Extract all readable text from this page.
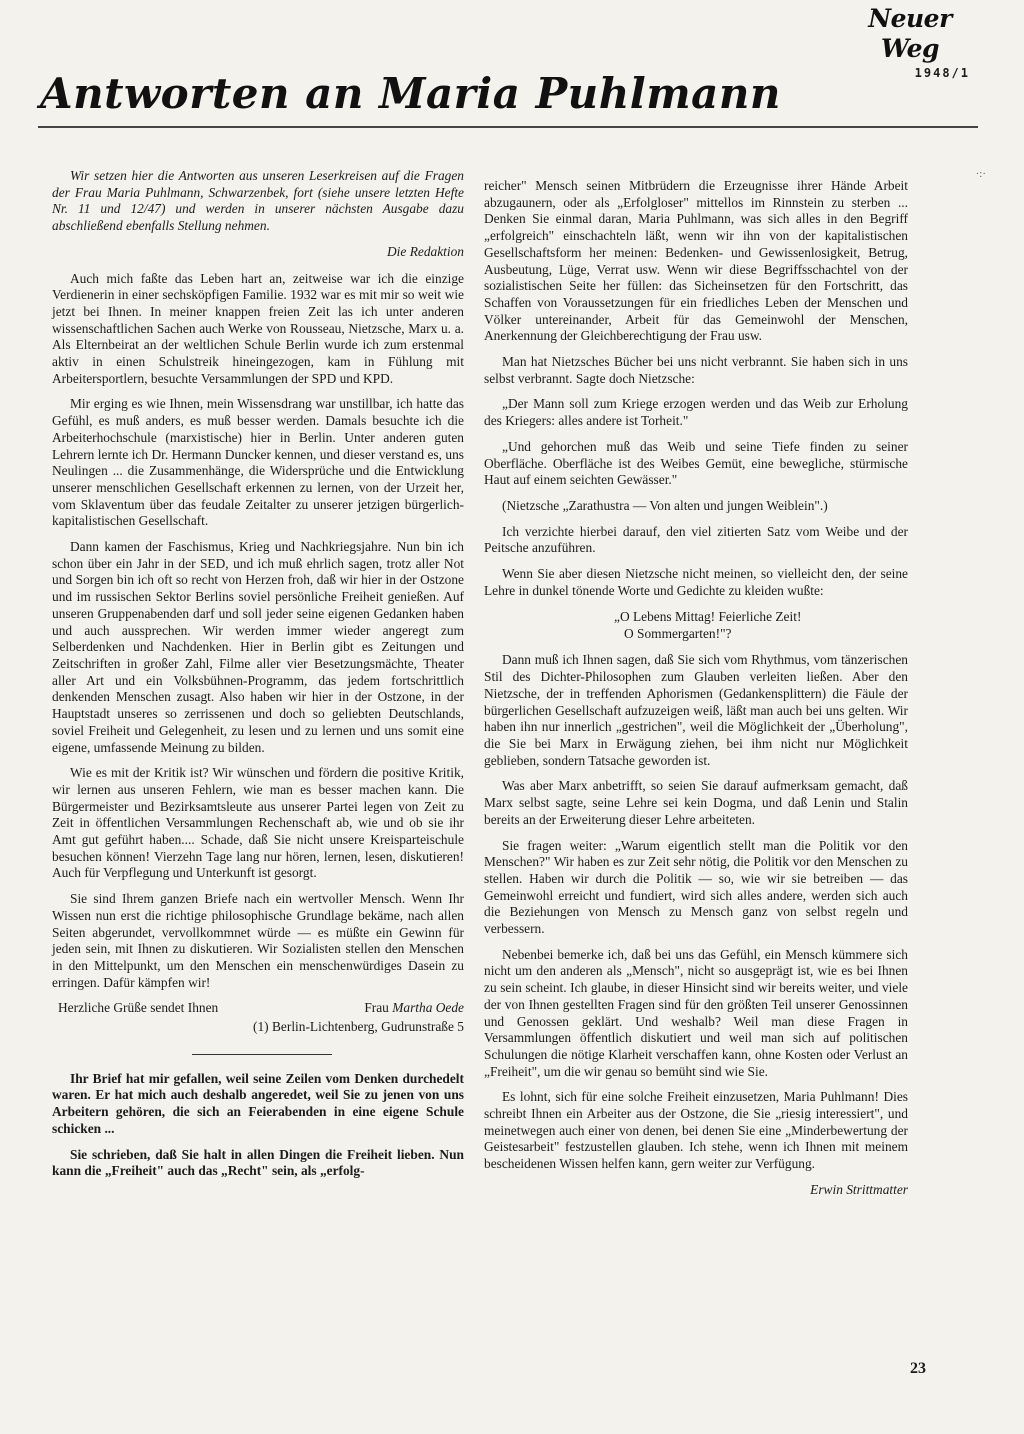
Neuer Weg
1948/1
Antworten an Maria Puhlmann
·:·

Wir setzen hier die Antworten aus unseren Leserkreisen auf die Fragen der Frau Maria Puhlmann, Schwarzenbek, fort (siehe unsere letzten Hefte Nr. 11 und 12/47) und werden in unserer nächsten Ausgabe dazu abschließend ebenfalls Stellung nehmen.

Die Redaktion

Auch mich faßte das Leben hart an, zeitweise war ich die einzige Verdienerin in einer sechsköpfigen Familie. 1932 war es mit mir so weit wie jetzt bei Ihnen. In meiner knappen freien Zeit las ich unter anderen wissenschaftlichen Sachen auch Werke von Rousseau, Nietzsche, Marx u. a. Als Elternbeirat an der weltlichen Schule Berlin wurde ich zum erstenmal aktiv in einen Schulstreik hineingezogen, kam in Fühlung mit Arbeitersportlern, besuchte Versammlungen der SPD und KPD.

Mir erging es wie Ihnen, mein Wissensdrang war unstillbar, ich hatte das Gefühl, es muß anders, es muß besser werden. Damals besuchte ich die Arbeiterhochschule (marxistische) hier in Berlin. Unter anderen guten Lehrern lernte ich Dr. Hermann Duncker kennen, und dieser verstand es, uns Neulingen ... die Zusammenhänge, die Widersprüche und die Entwicklung unserer menschlichen Gesellschaft erkennen zu lernen, von der Urzeit her, vom Sklaventum über das feudale Zeitalter zu unserer jetzigen bürgerlich-kapitalistischen Gesellschaft.

Dann kamen der Faschismus, Krieg und Nachkriegsjahre. Nun bin ich schon über ein Jahr in der SED, und ich muß ehrlich sagen, trotz aller Not und Sorgen bin ich oft so recht von Herzen froh, daß wir hier in der Ostzone und im russischen Sektor Berlins soviel persönliche Freiheit genießen. Auf unseren Gruppenabenden darf und soll jeder seine eigenen Gedanken haben und auch aussprechen. Wir werden immer wieder angeregt zum Selberdenken und Nachdenken. Hier in Berlin gibt es Zeitungen und Zeitschriften in großer Zahl, Filme aller vier Besetzungsmächte, Theater aller Art und ein Volksbühnen-Programm, das jedem fortschrittlich denkenden Menschen zusagt. Also haben wir hier in der Ostzone, in der Hauptstadt unseres so zerrissenen und doch so geliebten Deutschlands, soviel Freiheit und Gelegenheit, zu lesen und zu lernen und uns somit eine eigene, umfassende Meinung zu bilden.

Wie es mit der Kritik ist? Wir wünschen und fördern die positive Kritik, wir lernen aus unseren Fehlern, wie man es besser machen kann. Die Bürgermeister und Bezirksamtsleute aus unserer Partei legen von Zeit zu Zeit in öffentlichen Versammlungen Rechenschaft ab, wie und ob sie ihr Amt gut geführt haben.... Schade, daß Sie nicht unsere Kreisparteischule besuchen können! Vierzehn Tage lang nur hören, lernen, lesen, diskutieren! Auch für Verpflegung und Unterkunft ist gesorgt.

Sie sind Ihrem ganzen Briefe nach ein wertvoller Mensch. Wenn Ihr Wissen nun erst die richtige philosophische Grundlage bekäme, nach allen Seiten abgerundet, vervollkommnet würde — es müßte ein Gewinn für jeden sein, mit Ihnen zu diskutieren. Wir Sozialisten stellen den Menschen in den Mittelpunkt, um den Menschen ein menschenwürdiges Dasein zu erringen. Dafür kämpfen wir!

Herzliche Grüße sendet Ihnen	Frau Martha Oede
(1) Berlin-Lichtenberg, Gudrunstraße 5

Ihr Brief hat mir gefallen, weil seine Zeilen vom Denken durchedelt waren. Er hat mich auch deshalb angeredet, weil Sie zu jenen von uns Arbeitern gehören, die sich an Feierabenden in eine eigene Schule schicken ...

Sie schrieben, daß Sie halt in allen Dingen die Freiheit lieben. Nun kann die „Freiheit" auch das „Recht" sein, als „erfolg-

reicher" Mensch seinen Mitbrüdern die Erzeugnisse ihrer Hände Arbeit abzugaunern, oder als „Erfolgloser" mittellos im Rinnstein zu sterben ... Denken Sie einmal daran, Maria Puhlmann, was sich alles in den Begriff „erfolgreich" einschachteln läßt, wenn wir ihn von der kapitalistischen Gesellschaftsform her meinen: Bedenken- und Gewissenlosigkeit, Betrug, Ausbeutung, Lüge, Verrat usw. Wenn wir diese Begriffsschachtel von der sozialistischen Seite her füllen: das Sicheinsetzen für den Fortschritt, das Schaffen von Voraussetzungen für ein friedliches Leben der Menschen und Völker untereinander, Arbeit für das Gemeinwohl der Menschen, Anerkennung der Gleichberechtigung der Frau usw.

Man hat Nietzsches Bücher bei uns nicht verbrannt. Sie haben sich in uns selbst verbrannt. Sagte doch Nietzsche:

„Der Mann soll zum Kriege erzogen werden und das Weib zur Erholung des Kriegers: alles andere ist Torheit."

„Und gehorchen muß das Weib und seine Tiefe finden zu seiner Oberfläche. Oberfläche ist des Weibes Gemüt, eine bewegliche, stürmische Haut auf einem seichten Gewässer."

(Nietzsche „Zarathustra — Von alten und jungen Weiblein".)

Ich verzichte hierbei darauf, den viel zitierten Satz vom Weibe und der Peitsche anzuführen.

Wenn Sie aber diesen Nietzsche nicht meinen, so vielleicht den, der seine Lehre in dunkel tönende Worte und Gedichte zu kleiden wußte:

„O Lebens Mittag! Feierliche Zeit!
O Sommergarten!"?

Dann muß ich Ihnen sagen, daß Sie sich vom Rhythmus, vom tänzerischen Stil des Dichter-Philosophen zum Glauben verleiten ließen. Aber den Nietzsche, der in treffenden Aphorismen (Gedankensplittern) die Fäule der bürgerlichen Gesellschaft aufzuzeigen weiß, läßt man auch bei uns gelten. Wir haben ihn nur innerlich „gestrichen", weil die Möglichkeit der „Überholung", die Sie bei Marx in Erwägung ziehen, bei ihm nicht nur Möglichkeit geblieben, sondern Tatsache geworden ist.

Was aber Marx anbetrifft, so seien Sie darauf aufmerksam gemacht, daß Marx selbst sagte, seine Lehre sei kein Dogma, und daß Lenin und Stalin bereits an der Erweiterung dieser Lehre arbeiteten.

Sie fragen weiter: „Warum eigentlich stellt man die Politik vor den Menschen?" Wir haben es zur Zeit sehr nötig, die Politik vor den Menschen zu stellen. Haben wir durch die Politik — so, wie wir sie betreiben — das Gemeinwohl erreicht und fundiert, wird sich alles andere, werden sich auch die Beziehungen von Mensch zu Mensch ganz von selbst regeln und verbessern.

Nebenbei bemerke ich, daß bei uns das Gefühl, ein Mensch kümmere sich nicht um den anderen als „Mensch", nicht so ausgeprägt ist, wie es bei Ihnen zu sein scheint. Ich glaube, in dieser Hinsicht sind wir bereits weiter, und viele der von Ihnen gestellten Fragen sind für den größten Teil unserer Genossinnen und Genossen geklärt. Und weshalb? Weil man diese Fragen in Versammlungen öffentlich diskutiert und weil man sich auf politischen Schulungen die nötige Klarheit verschaffen kann, ohne Kosten oder Verlust an „Freiheit", um die wir genau so bemüht sind wie Sie.

Es lohnt, sich für eine solche Freiheit einzusetzen, Maria Puhlmann! Dies schreibt Ihnen ein Arbeiter aus der Ostzone, die Sie „riesig interessiert", und meinetwegen auch einer von denen, bei denen Sie eine „Minderbewertung der Geistesarbeit" festzustellen glauben. Ich stehe, wenn ich Ihnen mit meinem bescheidenen Wissen helfen kann, gern weiter zur Verfügung.

Erwin Strittmatter
23
